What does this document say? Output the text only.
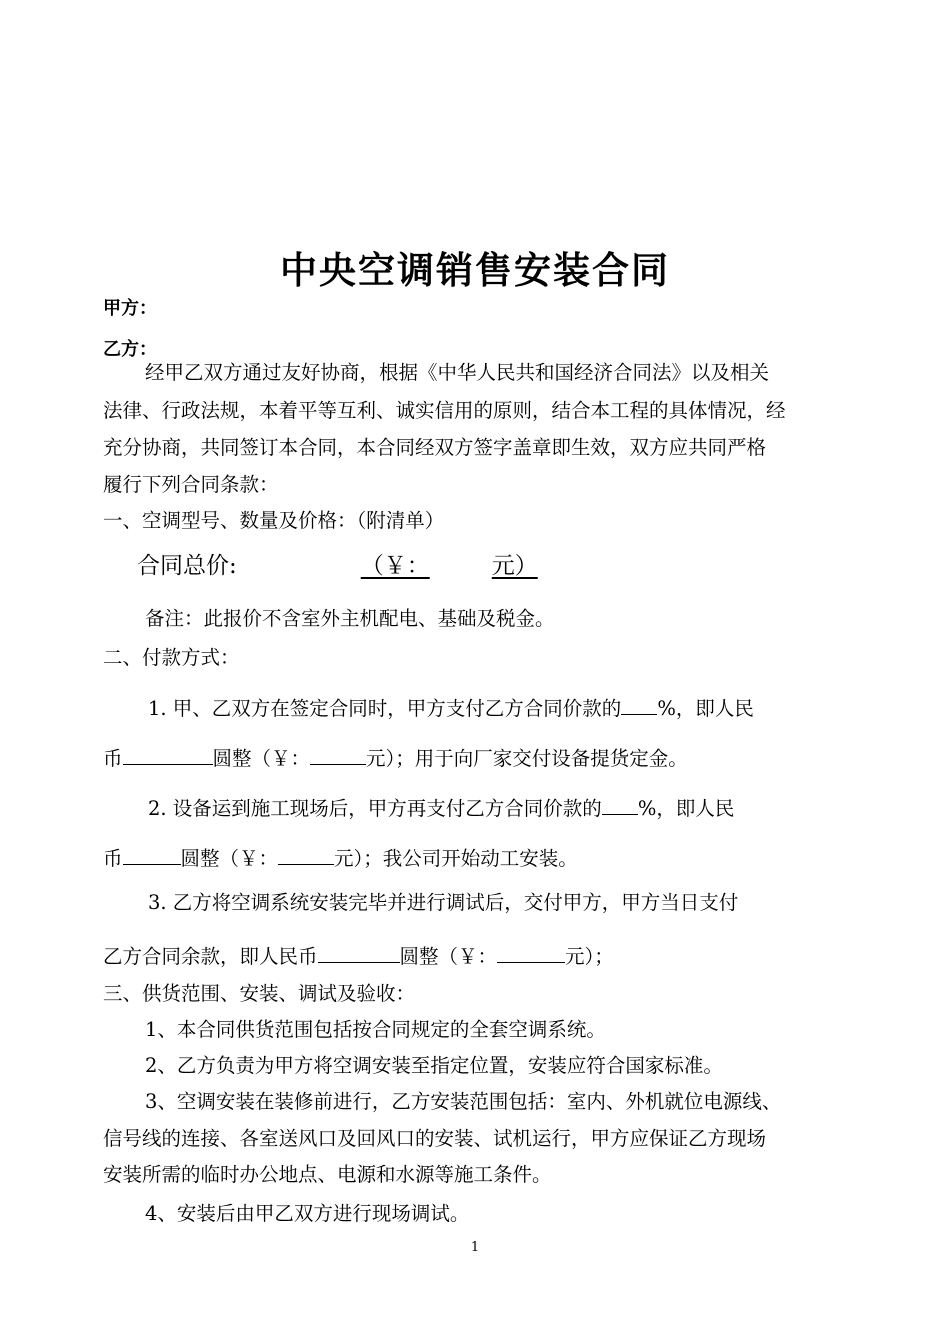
中央空调销售安装合同
甲方：
乙方：
经甲乙双方通过友好协商，根据《中华人民共和国经济合同法》以及相关
法律、行政法规，本着平等互利、诚实信用的原则，结合本工程的具体情况，经
充分协商，共同签订本合同，本合同经双方签字盖章即生效，双方应共同严格
履行下列合同条款：
一、空调型号、数量及价格：（附清单）
合同总价:	（￥：	元）
备注：此报价不含室外主机配电、基础及税金。
二、付款方式：
1. 甲、乙双方在签定合同时，甲方支付乙方合同价款的 %，即人民
币	圆整（￥：	元）；用于向厂家交付设备提货定金。
2. 设备运到施工现场后，甲方再支付乙方合同价款的 %，即人民
币	圆整（￥：	元）；我公司开始动工安装。
3. 乙方将空调系统安装完毕并进行调试后，交付甲方，甲方当日支付
乙方合同余款，即人民币	圆整（￥：	元）；
三、供货范围、安装、调试及验收：
1、本合同供货范围包括按合同规定的全套空调系统。
2、乙方负责为甲方将空调安装至指定位置，安装应符合国家标准。
3、空调安装在装修前进行，乙方安装范围包括：室内、外机就位电源线、
信号线的连接、各室送风口及回风口的安装、试机运行，甲方应保证乙方现场
安装所需的临时办公地点、电源和水源等施工条件。
4、安装后由甲乙双方进行现场调试。
1
